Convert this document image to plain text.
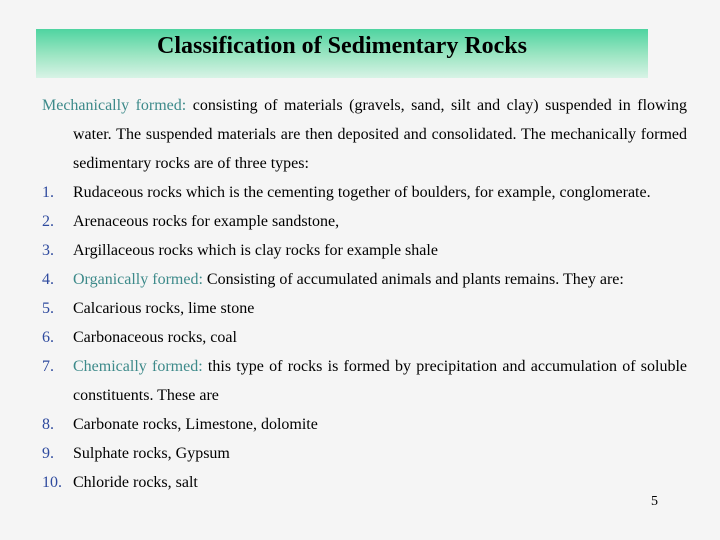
Classification of Sedimentary Rocks

Mechanically formed: consisting of materials (gravels, sand, silt and clay) suspended in flowing water. The suspended materials are then deposited and consolidated. The mechanically formed sedimentary rocks are of three types:

1. Rudaceous rocks which is the cementing together of boulders, for example, conglomerate.

2. Arenaceous rocks for example sandstone,

3. Argillaceous rocks which is clay rocks for example shale

4. Organically formed: Consisting of accumulated animals and plants remains. They are:

5. Calcarious rocks, lime stone

6. Carbonaceous rocks, coal

7. Chemically formed: this type of rocks is formed by precipitation and accumulation of soluble constituents. These are

8. Carbonate rocks, Limestone, dolomite

9. Sulphate rocks, Gypsum

10. Chloride rocks, salt

5
